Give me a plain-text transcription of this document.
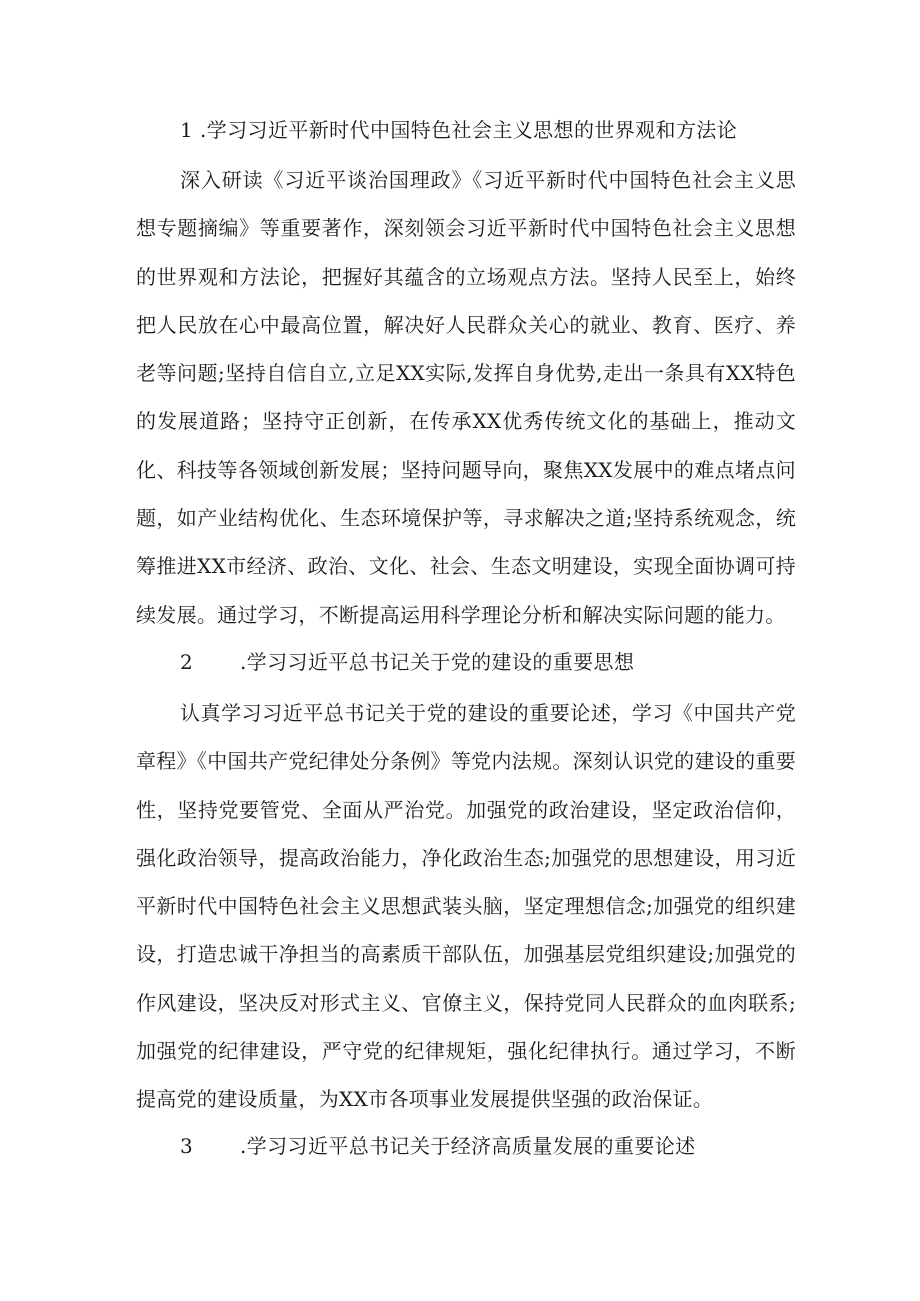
1 .学习习近平新时代中国特色社会主义思想的世界观和方法论
深入研读《习近平谈治国理政》《习近平新时代中国特色社会主义思想专题摘编》等重要著作，深刻领会习近平新时代中国特色社会主义思想的世界观和方法论，把握好其蕴含的立场观点方法。坚持人民至上，始终把人民放在心中最高位置，解决好人民群众关心的就业、教育、医疗、养老等问题;坚持自信自立,立足XX实际,发挥自身优势,走出一条具有XX特色的发展道路；坚持守正创新，在传承XX优秀传统文化的基础上，推动文化、科技等各领域创新发展；坚持问题导向，聚焦XX发展中的难点堵点问题，如产业结构优化、生态环境保护等，寻求解决之道;坚持系统观念，统筹推进XX市经济、政治、文化、社会、生态文明建设，实现全面协调可持续发展。通过学习，不断提高运用科学理论分析和解决实际问题的能力。
2 .学习习近平总书记关于党的建设的重要思想
认真学习习近平总书记关于党的建设的重要论述，学习《中国共产党章程》《中国共产党纪律处分条例》等党内法规。深刻认识党的建设的重要性，坚持党要管党、全面从严治党。加强党的政治建设，坚定政治信仰，强化政治领导，提高政治能力，净化政治生态;加强党的思想建设，用习近平新时代中国特色社会主义思想武装头脑，坚定理想信念;加强党的组织建设，打造忠诚干净担当的高素质干部队伍，加强基层党组织建设;加强党的作风建设，坚决反对形式主义、官僚主义，保持党同人民群众的血肉联系;加强党的纪律建设，严守党的纪律规矩，强化纪律执行。通过学习，不断提高党的建设质量，为XX市各项事业发展提供坚强的政治保证。
3 .学习习近平总书记关于经济高质量发展的重要论述
